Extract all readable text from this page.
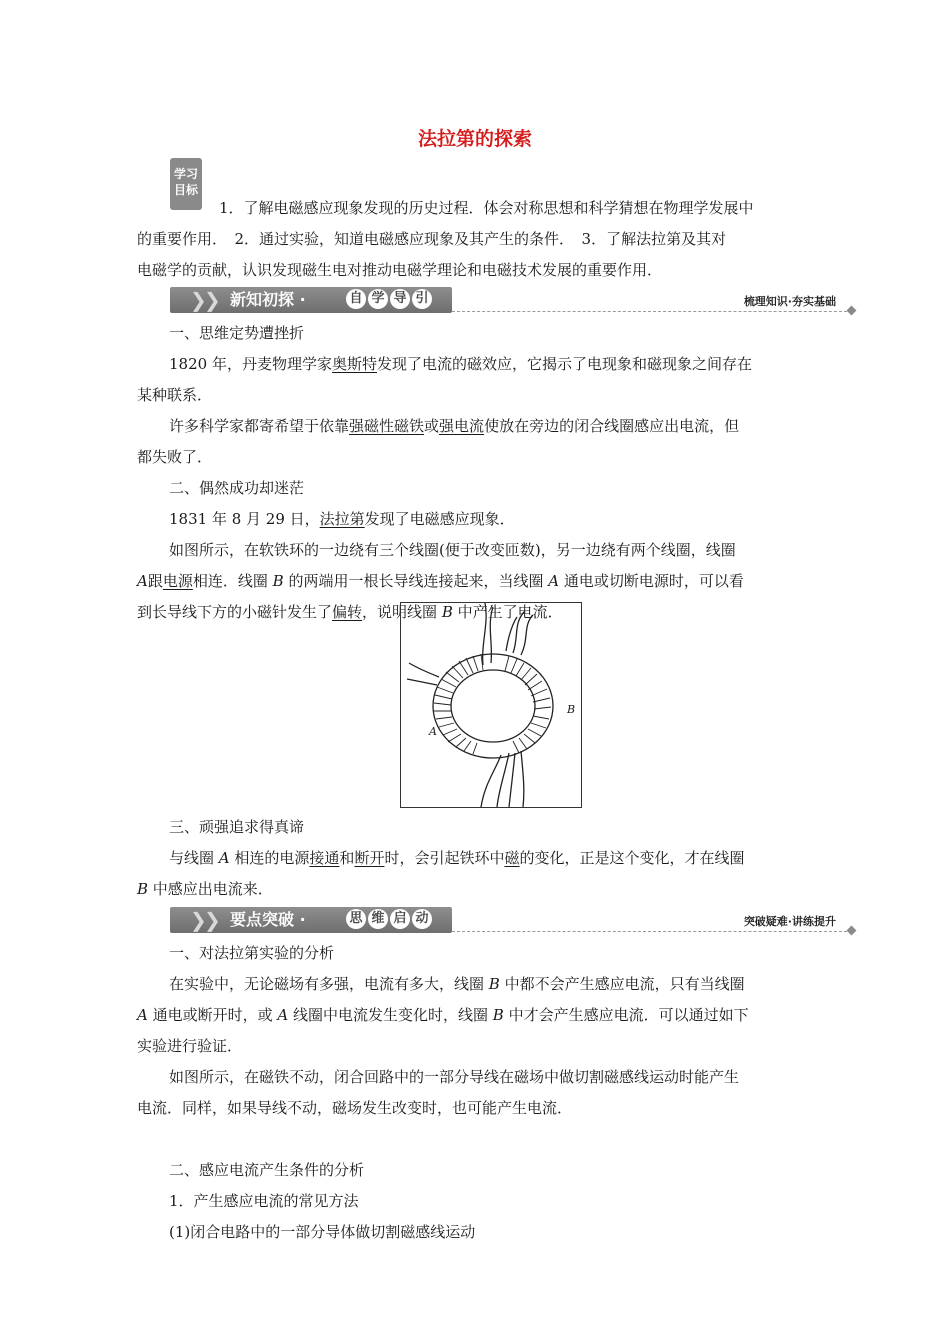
法拉第的探索
学习
目标

1．了解电磁感应现象发现的历史过程．体会对称思想和科学猜想在物理学发展中

的重要作用．　2．通过实验，知道电磁感应现象及其产生的条件．　3．了解法拉第及其对

电磁学的贡献，认识发现磁生电对推动电磁学理论和电磁技术发展的重要作用．

❯
❯ 新知初探 ·	自 学 导 引	梳理知识·夯实基础

一、思维定势遭挫折

1820 年，丹麦物理学家奥斯特发现了电流的磁效应，它揭示了电现象和磁现象之间存在

某种联系．

许多科学家都寄希望于依靠强磁性磁铁或强电流使放在旁边的闭合线圈感应出电流，但

都失败了．

二、偶然成功却迷茫

1831 年 8 月 29 日，法拉第发现了电磁感应现象．

如图所示，在软铁环的一边绕有三个线圈(便于改变匝数)，另一边绕有两个线圈，线圈

A跟电源相连．线圈 B 的两端用一根长导线连接起来，当线圈 A 通电或切断电源时，可以看

到长导线下方的小磁针发生了偏转，说明线圈 B 中产生了电流．

B
A

三、顽强追求得真谛

与线圈 A 相连的电源接通和断开时，会引起铁环中磁的变化，正是这个变化，才在线圈

B 中感应出电流来．

❯
❯ 要点突破 ·	思 维 启 动	突破疑难·讲练提升

一、对法拉第实验的分析

在实验中，无论磁场有多强，电流有多大，线圈 B 中都不会产生感应电流，只有当线圈

A 通电或断开时，或 A 线圈中电流发生变化时，线圈 B 中才会产生感应电流．可以通过如下

实验进行验证．

如图所示，在磁铁不动，闭合回路中的一部分导线在磁场中做切割磁感线运动时能产生

电流．同样，如果导线不动，磁场发生改变时，也可能产生电流．

二、感应电流产生条件的分析

1．产生感应电流的常见方法

(1)闭合电路中的一部分导体做切割磁感线运动
